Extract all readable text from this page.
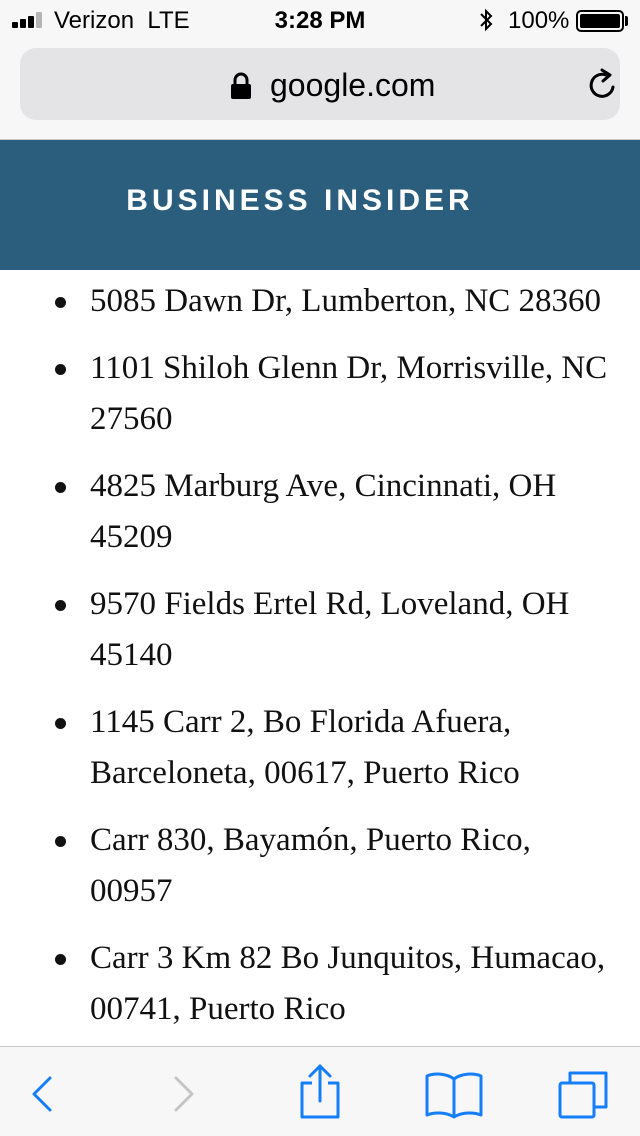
Verizon  LTE	3:28 PM	100%
google.com
BUSINESS INSIDER
5085 Dawn Dr, Lumberton, NC 28360
1101 Shiloh Glenn Dr, Morrisville, NC 27560
4825 Marburg Ave, Cincinnati, OH 45209
9570 Fields Ertel Rd, Loveland, OH 45140
1145 Carr 2, Bo Florida Afuera, Barceloneta, 00617, Puerto Rico
Carr 830, Bayamón, Puerto Rico, 00957
Carr 3 Km 82 Bo Junquitos, Humacao, 00741, Puerto Rico
